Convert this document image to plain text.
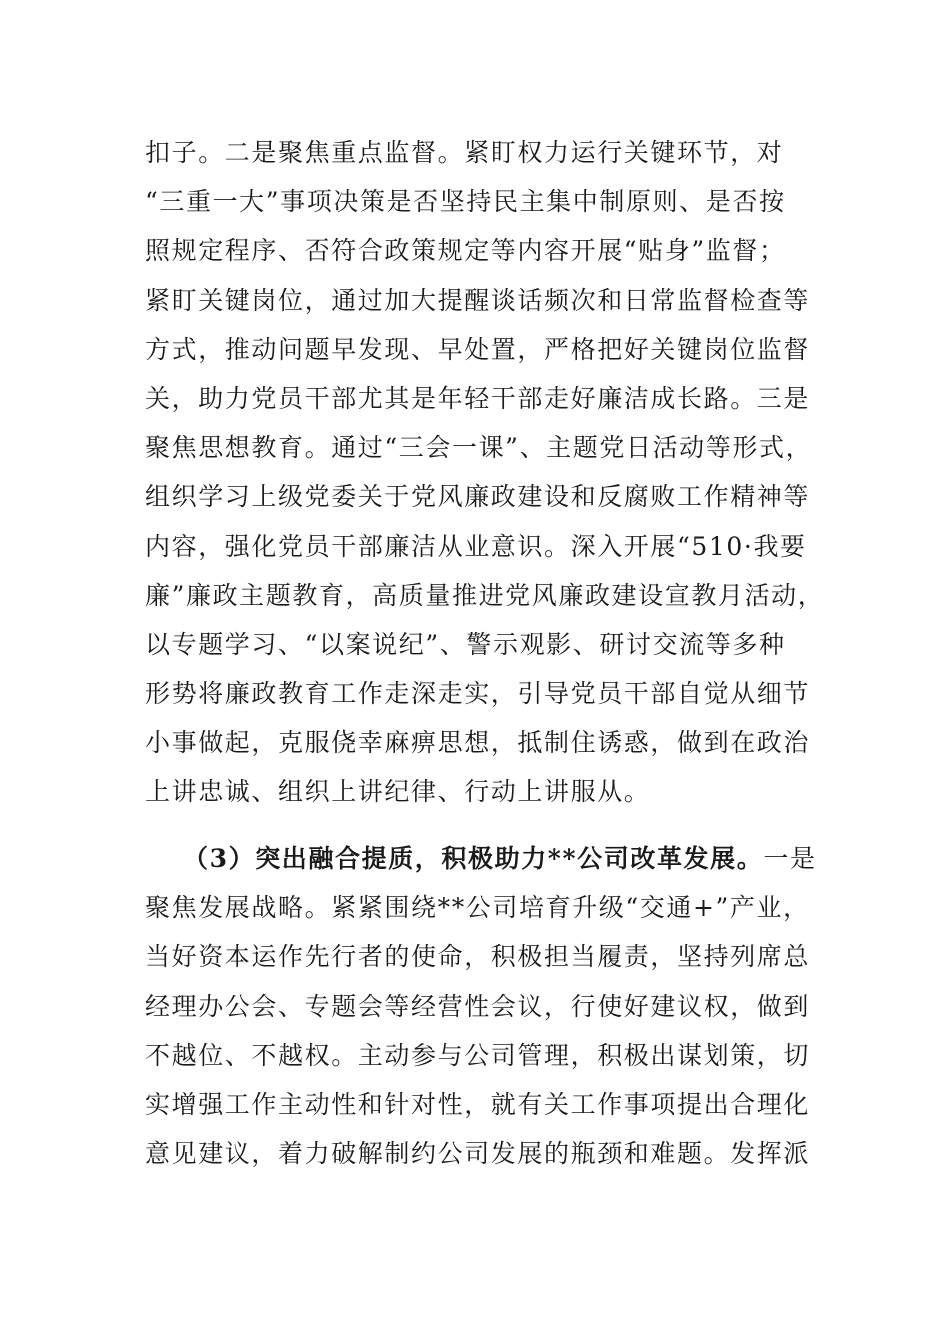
扣子。二是聚焦重点监督。紧盯权力运行关键环节，对
“三重一大”事项决策是否坚持民主集中制原则、是否按
照规定程序、否符合政策规定等内容开展“贴身”监督；
紧盯关键岗位，通过加大提醒谈话频次和日常监督检查等
方式，推动问题早发现、早处置，严格把好关键岗位监督
关，助力党员干部尤其是年轻干部走好廉洁成长路。三是
聚焦思想教育。通过“三会一课”、主题党日活动等形式，
组织学习上级党委关于党风廉政建设和反腐败工作精神等
内容，强化党员干部廉洁从业意识。深入开展“510·我要
廉”廉政主题教育，高质量推进党风廉政建设宣教月活动，
以专题学习、“以案说纪”、警示观影、研讨交流等多种
形势将廉政教育工作走深走实，引导党员干部自觉从细节
小事做起，克服侥幸麻痹思想，抵制住诱惑，做到在政治
上讲忠诚、组织上讲纪律、行动上讲服从。
（3）突出融合提质，积极助力**公司改革发展。一是
聚焦发展战略。紧紧围绕**公司培育升级“交通+”产业，
当好资本运作先行者的使命，积极担当履责，坚持列席总
经理办公会、专题会等经营性会议，行使好建议权，做到
不越位、不越权。主动参与公司管理，积极出谋划策，切
实增强工作主动性和针对性，就有关工作事项提出合理化
意见建议，着力破解制约公司发展的瓶颈和难题。发挥派
